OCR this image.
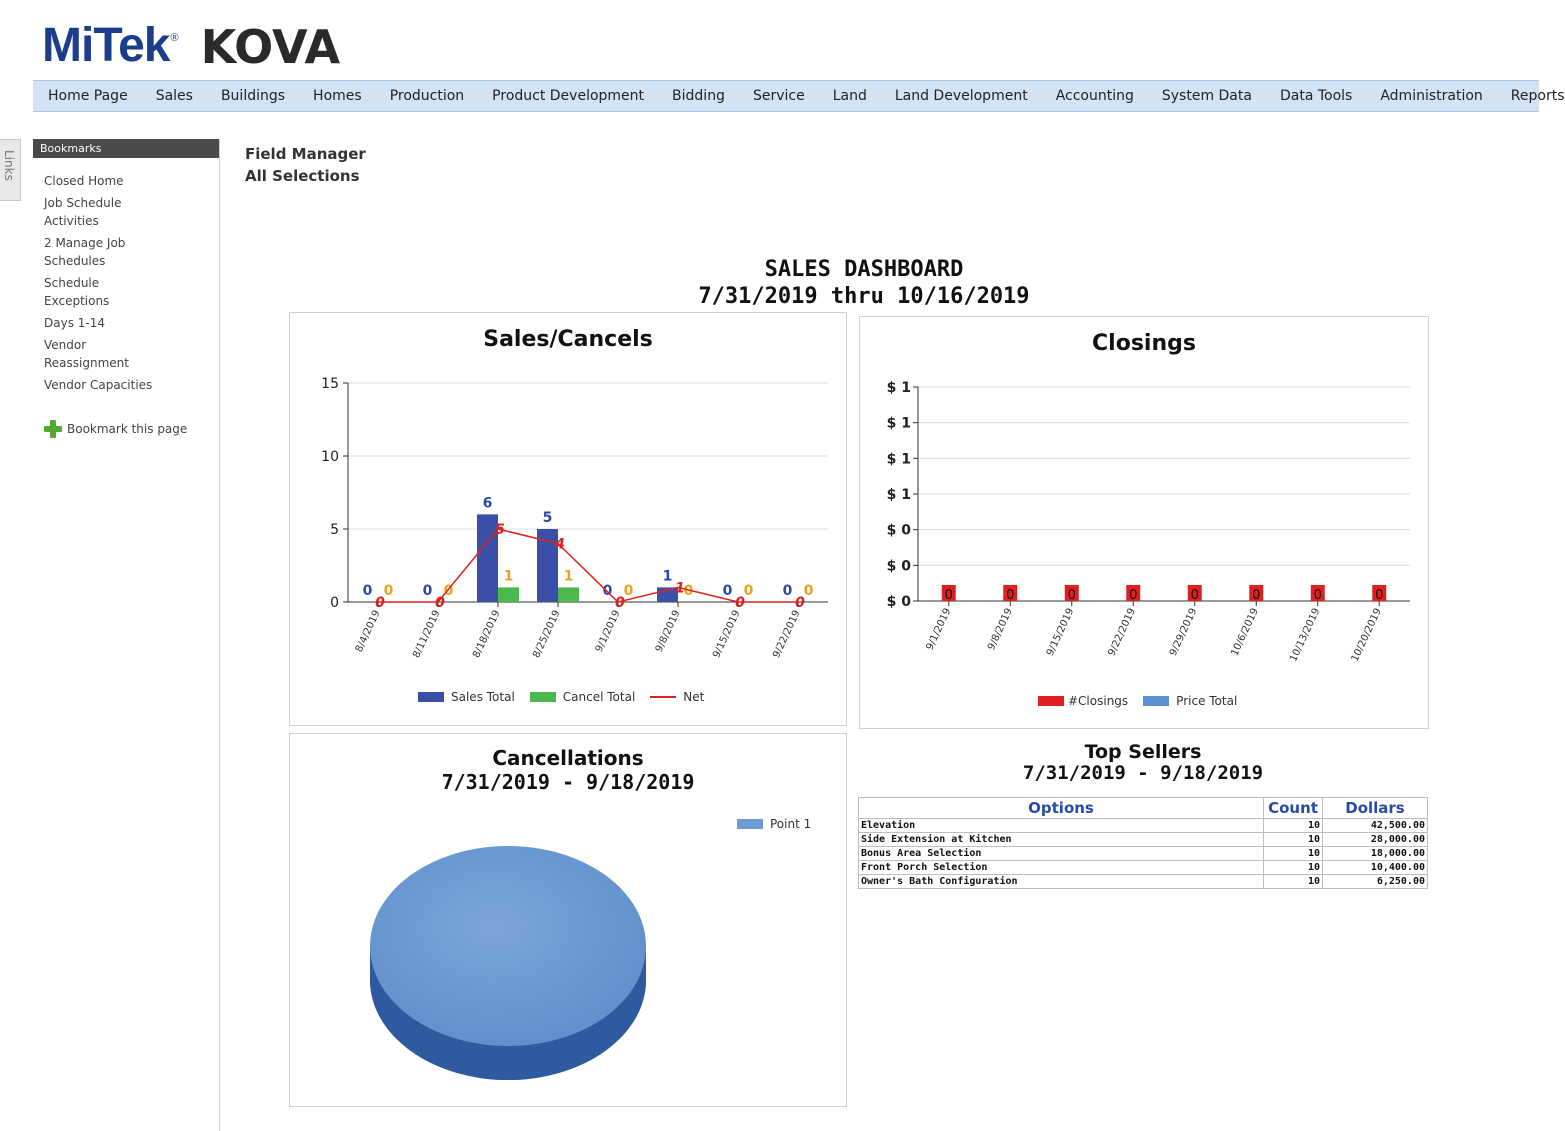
MiTek ® KOVA
Home Page Sales Buildings Homes Production Product Development Bidding Service Land Land Development Accounting System Data Data Tools Administration Reports
Links
Bookmarks
Closed Home
Job Schedule Activities
2 Manage Job Schedules
Schedule Exceptions
Days 1-14
Vendor Reassignment
Vendor Capacities
Bookmark this page
Field Manager
All Selections
SALES DASHBOARD
7/31/2019 thru 10/16/2019
Sales/Cancels
0
5
10
15
0 0
0
8/4/2019
0 0
0
8/11/2019
6
1
5
8/18/2019
5
1
4
8/25/2019
0 0
0
9/1/2019
1
0
1
9/8/2019
0 0
0
9/15/2019
0 0
0
9/22/2019
Sales Total	Cancel Total	Net
Closings
$ 0
$ 0
$ 0
$ 1
$ 1
$ 1
$ 1
0
9/1/2019
0
9/8/2019
0
9/15/2019
0
9/22/2019
0
9/29/2019
0
10/6/2019
0
10/13/2019
0
10/20/2019
#Closings	Price Total
Cancellations
7/31/2019 - 9/18/2019
Point 1
Top Sellers
7/31/2019 - 9/18/2019
Options	Count	Dollars
Elevation	10	42,500.00
Side Extension at Kitchen	10	28,000.00
Bonus Area Selection	10	18,000.00
Front Porch Selection	10	10,400.00
Owner's Bath Configuration	10	6,250.00
